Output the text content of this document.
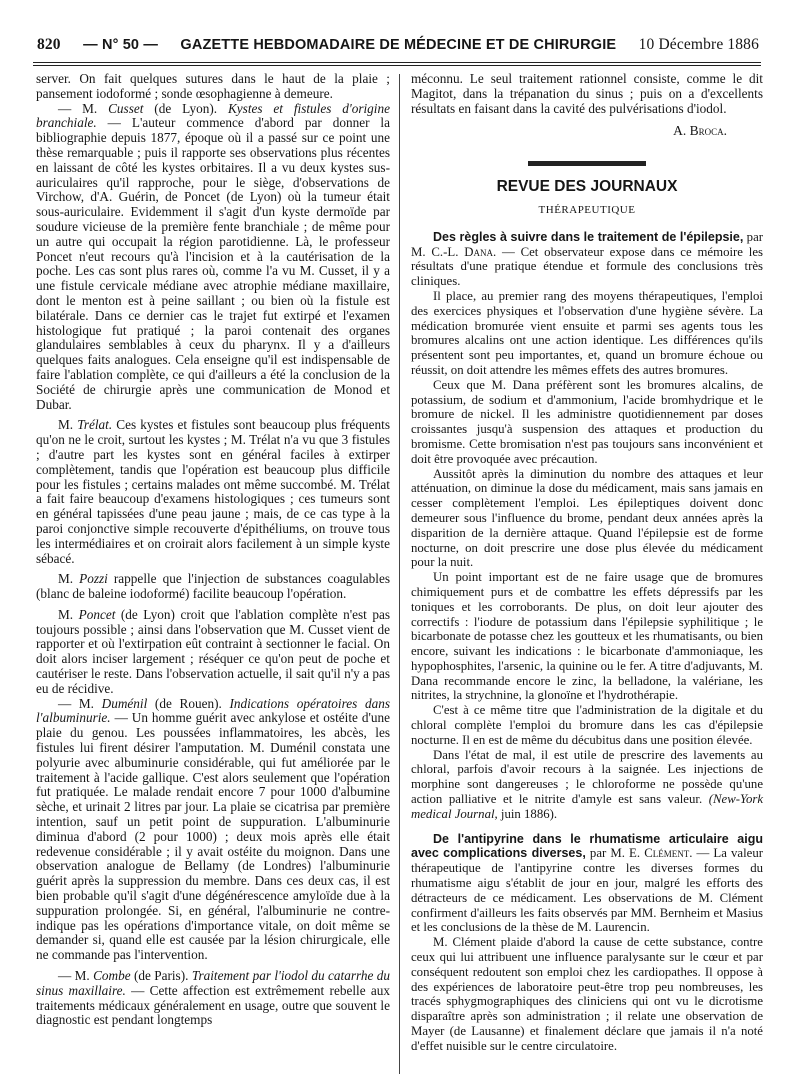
820 — N° 50 — GAZETTE HEBDOMADAIRE DE MÉDECINE ET DE CHIRURGIE 10 Décembre 1886

server. On fait quelques sutures dans le haut de la plaie ; pansement iodoformé ; sonde œsophagienne à demeure.

— M. Cusset (de Lyon). Kystes et fistules d'origine branchiale. — L'auteur commence d'abord par donner la bibliographie depuis 1877, époque où il a passé sur ce point une thèse remarquable ; puis il rapporte ses observations plus récentes en laissant de côté les kystes orbitaires. Il a vu deux kystes sus-auriculaires qu'il rapproche, pour le siège, d'observations de Virchow, d'A. Guérin, de Poncet (de Lyon) où la tumeur était sous-auriculaire. Evidemment il s'agit d'un kyste dermoïde par soudure vicieuse de la première fente branchiale ; de même pour un autre qui occupait la région parotidienne. Là, le professeur Poncet n'eut recours qu'à l'incision et à la cautérisation de la poche. Les cas sont plus rares où, comme l'a vu M. Cusset, il y a une fistule cervicale médiane avec atrophie médiane maxillaire, dont le menton est à peine saillant ; ou bien où la fistule est bilatérale. Dans ce dernier cas le trajet fut extirpé et l'examen histologique fut pratiqué ; la paroi contenait des organes glandulaires semblables à ceux du pharynx. Il y a d'ailleurs quelques faits analogues. Cela enseigne qu'il est indispensable de faire l'ablation complète, ce qui d'ailleurs a été la conclusion de la Société de chirurgie après une communication de Monod et Dubar.

M. Trélat. Ces kystes et fistules sont beaucoup plus fréquents qu'on ne le croit, surtout les kystes ; M. Trélat n'a vu que 3 fistules ; d'autre part les kystes sont en général faciles à extirper complètement, tandis que l'opération est beaucoup plus difficile pour les fistules ; certains malades ont même succombé. M. Trélat a fait faire beaucoup d'examens histologiques ; ces tumeurs sont en général tapissées d'une peau jaune ; mais, de ce cas type à la paroi conjonctive simple recouverte d'épithéliums, on trouve tous les intermédiaires et on croirait alors facilement à un simple kyste sébacé.

M. Pozzi rappelle que l'injection de substances coagulables (blanc de baleine iodoformé) facilite beaucoup l'opération.

M. Poncet (de Lyon) croit que l'ablation complète n'est pas toujours possible ; ainsi dans l'observation que M. Cusset vient de rapporter et où l'extirpation eût contraint à sectionner le facial. On doit alors inciser largement ; réséquer ce qu'on peut de poche et cautériser le reste. Dans l'observation actuelle, il sait qu'il n'y a pas eu de récidive.

— M. Duménil (de Rouen). Indications opératoires dans l'albuminurie. — Un homme guérit avec ankylose et ostéite d'une plaie du genou. Les poussées inflammatoires, les abcès, les fistules lui firent désirer l'amputation. M. Duménil constata une polyurie avec albuminurie considérable, qui fut améliorée par le traitement à l'acide gallique. C'est alors seulement que l'opération fut pratiquée. Le malade rendait encore 7 pour 1000 d'albumine sèche, et urinait 2 litres par jour. La plaie se cicatrisa par première intention, sauf un petit point de suppuration. L'albuminurie diminua d'abord (2 pour 1000) ; deux mois après elle était redevenue considérable ; il y avait ostéite du moignon. Dans une observation analogue de Bellamy (de Londres) l'albuminurie guérit après la suppression du membre. Dans ces deux cas, il est bien probable qu'il s'agit d'une dégénérescence amyloïde due à la suppuration prolongée. Si, en général, l'albuminurie ne contre-indique pas les opérations d'importance vitale, on doit même se demander si, quand elle est causée par la lésion chirurgicale, elle ne commande pas l'intervention.

— M. Combe (de Paris). Traitement par l'iodol du catarrhe du sinus maxillaire. — Cette affection est extrêmement rebelle aux traitements médicaux généralement en usage, outre que souvent le diagnostic est pendant longtemps

méconnu. Le seul traitement rationnel consiste, comme le dit Magitot, dans la trépanation du sinus ; puis on a d'excellents résultats en faisant dans la cavité des pulvérisations d'iodol.

A. Broca.
REVUE DES JOURNAUX
THÉRAPEUTIQUE

Des règles à suivre dans le traitement de l'épilepsie, par M. C.-L. Dana. — Cet observateur expose dans ce mémoire les résultats d'une pratique étendue et formule des conclusions très cliniques.

Il place, au premier rang des moyens thérapeutiques, l'emploi des exercices physiques et l'observation d'une hygiène sévère. La médication bromurée vient ensuite et parmi ses agents tous les bromures alcalins ont une action identique. Les différences qu'ils présentent sont peu importantes, et, quand un bromure échoue ou réussit, on doit attendre les mêmes effets des autres bromures.

Ceux que M. Dana préfèrent sont les bromures alcalins, de potassium, de sodium et d'ammonium, l'acide bromhydrique et le bromure de nickel. Il les administre quotidiennement par doses croissantes jusqu'à suspension des attaques et production du bromisme. Cette bromisation n'est pas toujours sans inconvénient et doit être provoquée avec précaution.

Aussitôt après la diminution du nombre des attaques et leur atténuation, on diminue la dose du médicament, mais sans jamais en cesser complètement l'emploi. Les épileptiques doivent donc demeurer sous l'influence du brome, pendant deux années après la disparition de la dernière attaque. Quand l'épilepsie est de forme nocturne, on doit prescrire une dose plus élevée du médicament pour la nuit.

Un point important est de ne faire usage que de bromures chimiquement purs et de combattre les effets dépressifs par les toniques et les corroborants. De plus, on doit leur ajouter des correctifs : l'iodure de potassium dans l'épilepsie syphilitique ; le bicarbonate de potasse chez les goutteux et les rhumatisants, ou bien encore, suivant les indications : le bicarbonate d'ammoniaque, les hypophosphites, l'arsenic, la quinine ou le fer. A titre d'adjuvants, M. Dana recommande encore le zinc, la belladone, la valériane, les nitrites, la strychnine, la glonoïne et l'hydrothérapie.

C'est à ce même titre que l'administration de la digitale et du chloral complète l'emploi du bromure dans les cas d'épilepsie nocturne. Il en est de même du décubitus dans une position élevée.

Dans l'état de mal, il est utile de prescrire des lavements au chloral, parfois d'avoir recours à la saignée. Les injections de morphine sont dangereuses ; le chloroforme ne possède qu'une action palliative et le nitrite d'amyle est sans valeur. (New-York medical Journal, juin 1886).

De l'antipyrine dans le rhumatisme articulaire aigu avec complications diverses, par M. E. Clément. — La valeur thérapeutique de l'antipyrine contre les diverses formes du rhumatisme aigu s'établit de jour en jour, malgré les efforts des détracteurs de ce médicament. Les observations de M. Clément confirment d'ailleurs les faits observés par MM. Bernheim et Masius et les conclusions de la thèse de M. Laurencin.

M. Clément plaide d'abord la cause de cette substance, contre ceux qui lui attribuent une influence paralysante sur le cœur et par conséquent redoutent son emploi chez les cardiopathes. Il oppose à des expériences de laboratoire peut-être trop peu nombreuses, les tracés sphygmographiques des cliniciens qui ont vu le dicrotisme disparaître après son administration ; il relate une observation de Mayer (de Lausanne) et finalement déclare que jamais il n'a noté d'effet nuisible sur le centre circulatoire.
